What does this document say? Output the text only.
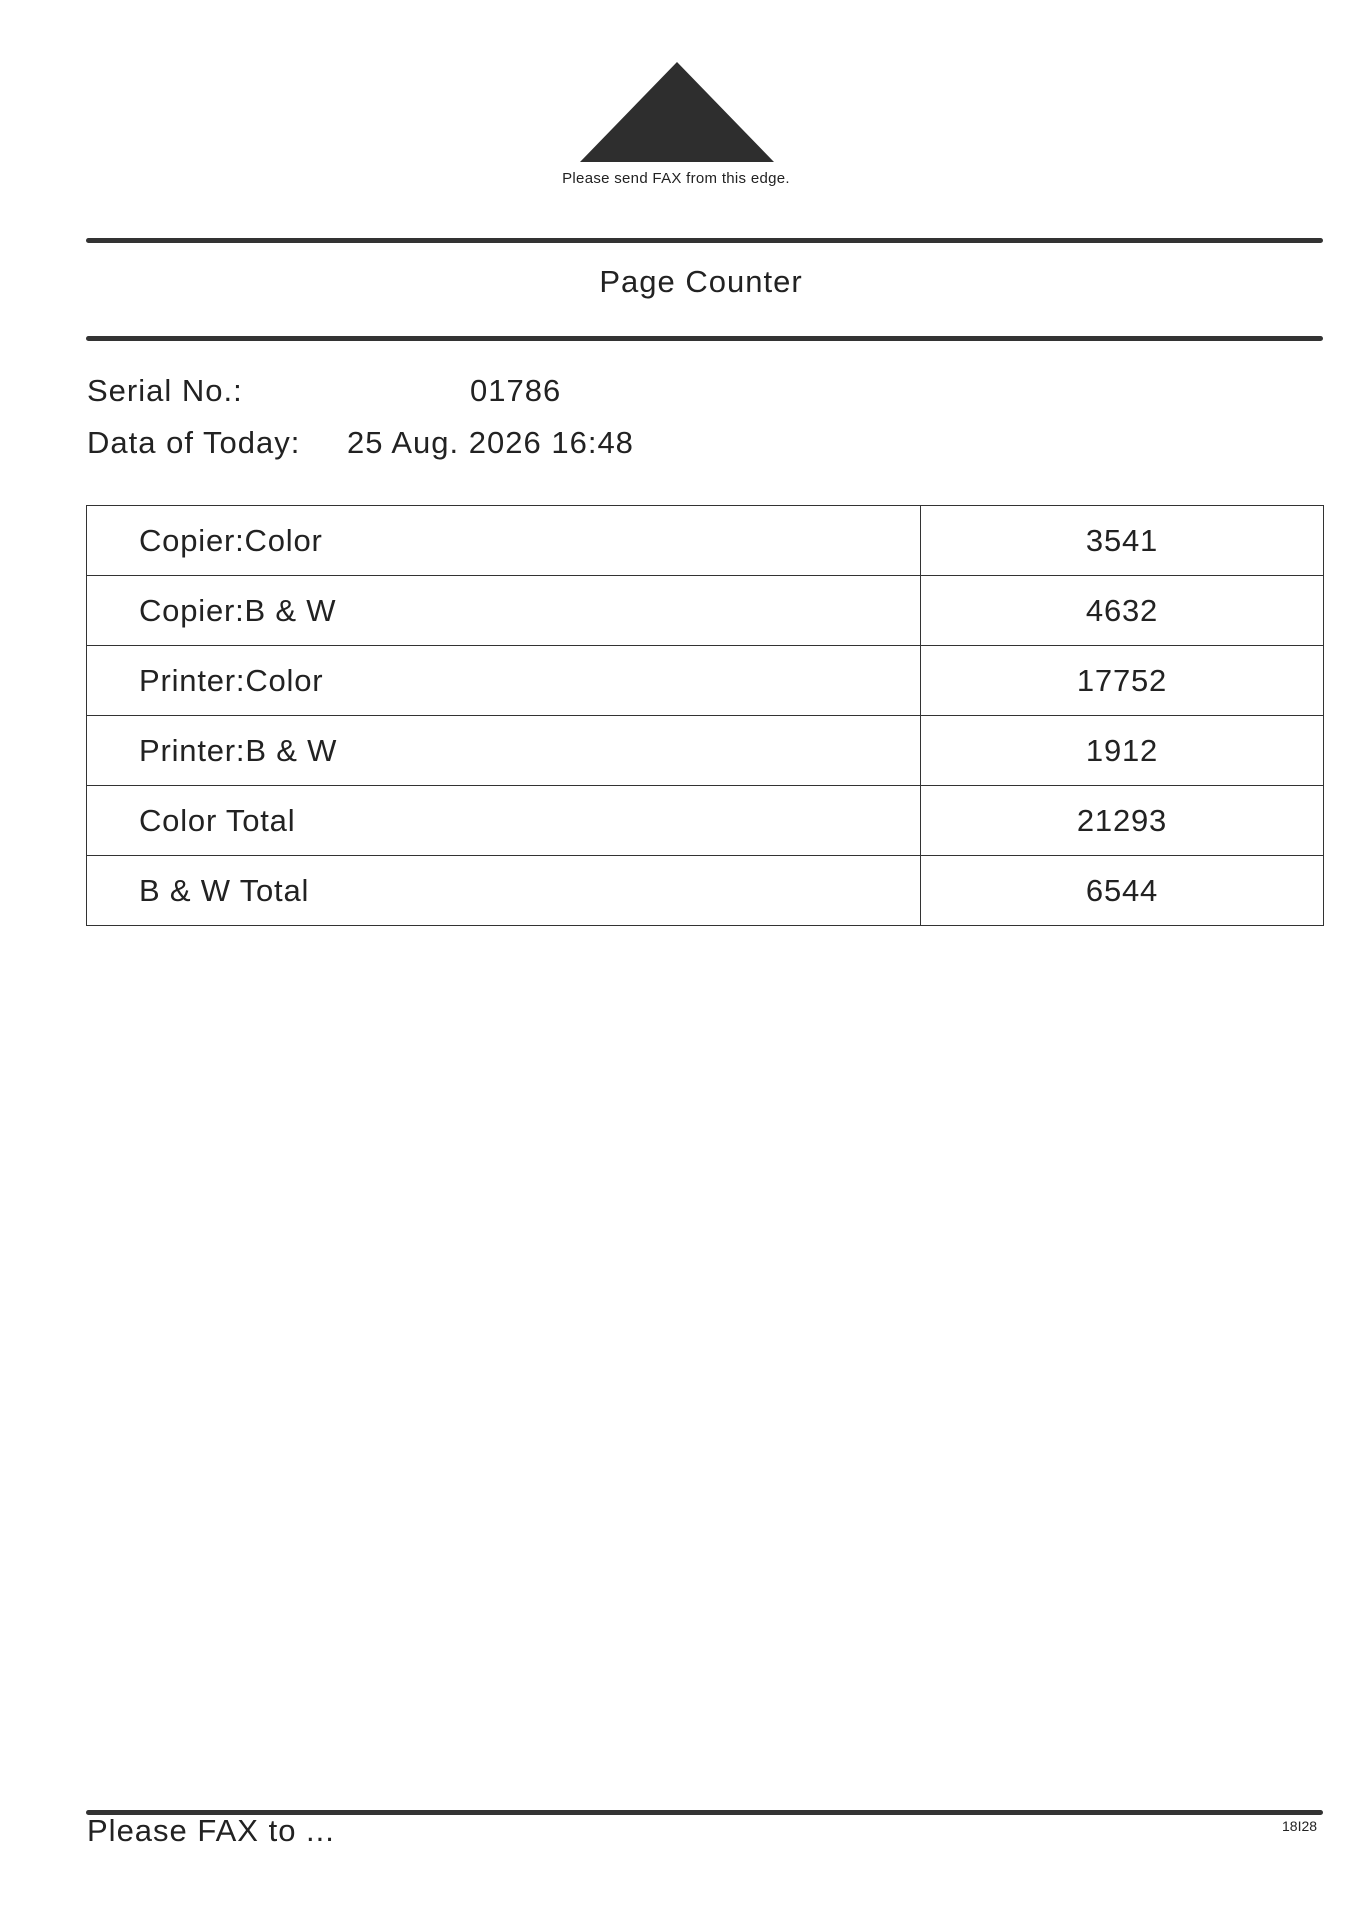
Please send FAX from this edge.
Page Counter
Serial No.:	01786
Data of Today: 25 Aug. 2026 16:48
Copier:Color	3541
Copier:B & W	4632
Printer:Color	17752
Printer:B & W	1912
Color Total	21293
B & W Total	6544
Please FAX to ...	18I28
